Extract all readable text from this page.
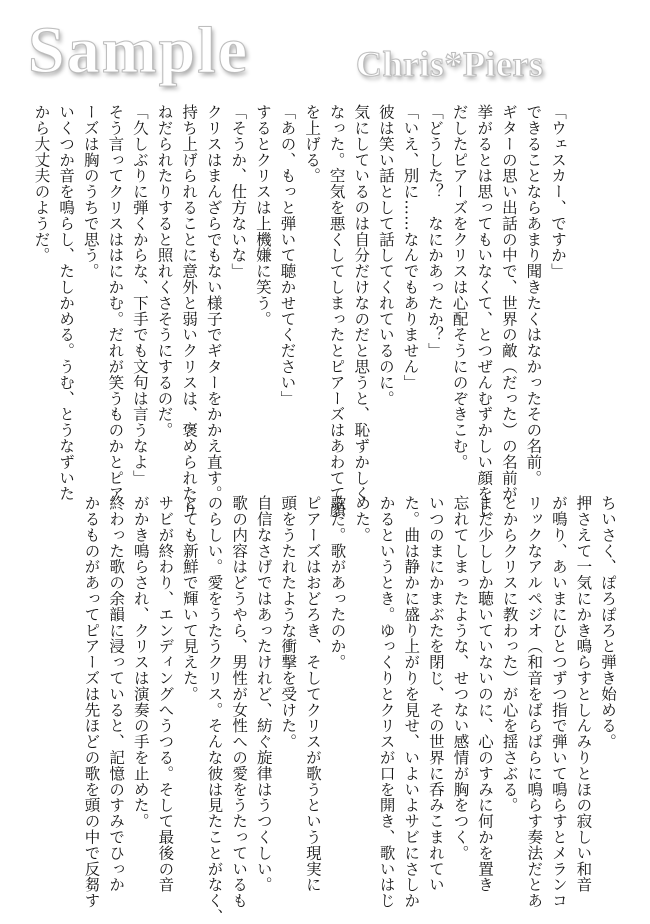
Sample	Chris*Piers
「ウェスカー、ですか」
できることならあまり聞きたくはなかったその名前。
ギターの思い出話の中で、世界の敵（だった）の名前が
挙がるとは思ってもいなくて、とつぜんむずかしい顔をし
だしたピアーズをクリスは心配そうにのぞきこむ。
「どうした？　なにかあったか？」
「いえ、別に……なんでもありません」
彼は笑い話として話してくれているのに。
気にしているのは自分だけなのだと思うと、恥ずかしく
なった。空気を悪くしてしまったとピアーズはあわてて顔
を上げる。
「あの、もっと弾いて聴かせてください」
するとクリスは上機嫌に笑う。
「そうか、仕方ないな」
クリスはまんざらでもない様子でギターをかかえ直す。
持ち上げられることに意外と弱いクリスは、褒められたり
ねだられたりすると照れくさそうにするのだ。
「久しぶりに弾くからな、下手でも文句は言うなよ」
そう言ってクリスははにかむ。だれが笑うものかとピア
ーズは胸のうちで思う。
いくつか音を鳴らし、たしかめる。うむ、とうなずいた
から大丈夫のようだ。
ちいさく、ぽろぽろと弾き始める。
押さえて一気にかき鳴らすとしんみりとほの寂しい和音
が鳴り、あいまにひとつずつ指で弾いて鳴らすとメランコ
リックなアルペジオ（和音をばらばらに鳴らす奏法だとあ
とからクリスに教わった）が心を揺さぶる。
まだ少ししか聴いていないのに、心のすみに何かを置き
忘れてしまったような、せつない感情が胸をつく。
いつのまにかまぶたを閉じ、その世界に呑みこまれてい
た。曲は静かに盛り上がりを見せ、いよいよサビにさしか
かるというとき。ゆっくりとクリスが口を開き、歌いはじ
めた。
歌だ。歌があったのか。
ピアーズはおどろき、そしてクリスが歌うという現実に
頭をうたれたような衝撃を受けた。
自信なさげではあったけれど、紡ぐ旋律はうつくしい。
歌の内容はどうやら、男性が女性への愛をうたっているも
のらしい。愛をうたうクリス。そんな彼は見たことがなく、
とても新鮮で輝いて見えた。
サビが終わり、エンディングへうつる。そして最後の音
がかき鳴らされ、クリスは演奏の手を止めた。
終わった歌の余韻に浸っていると、記憶のすみでひっか
かるものがあってピアーズは先ほどの歌を頭の中で反芻す
